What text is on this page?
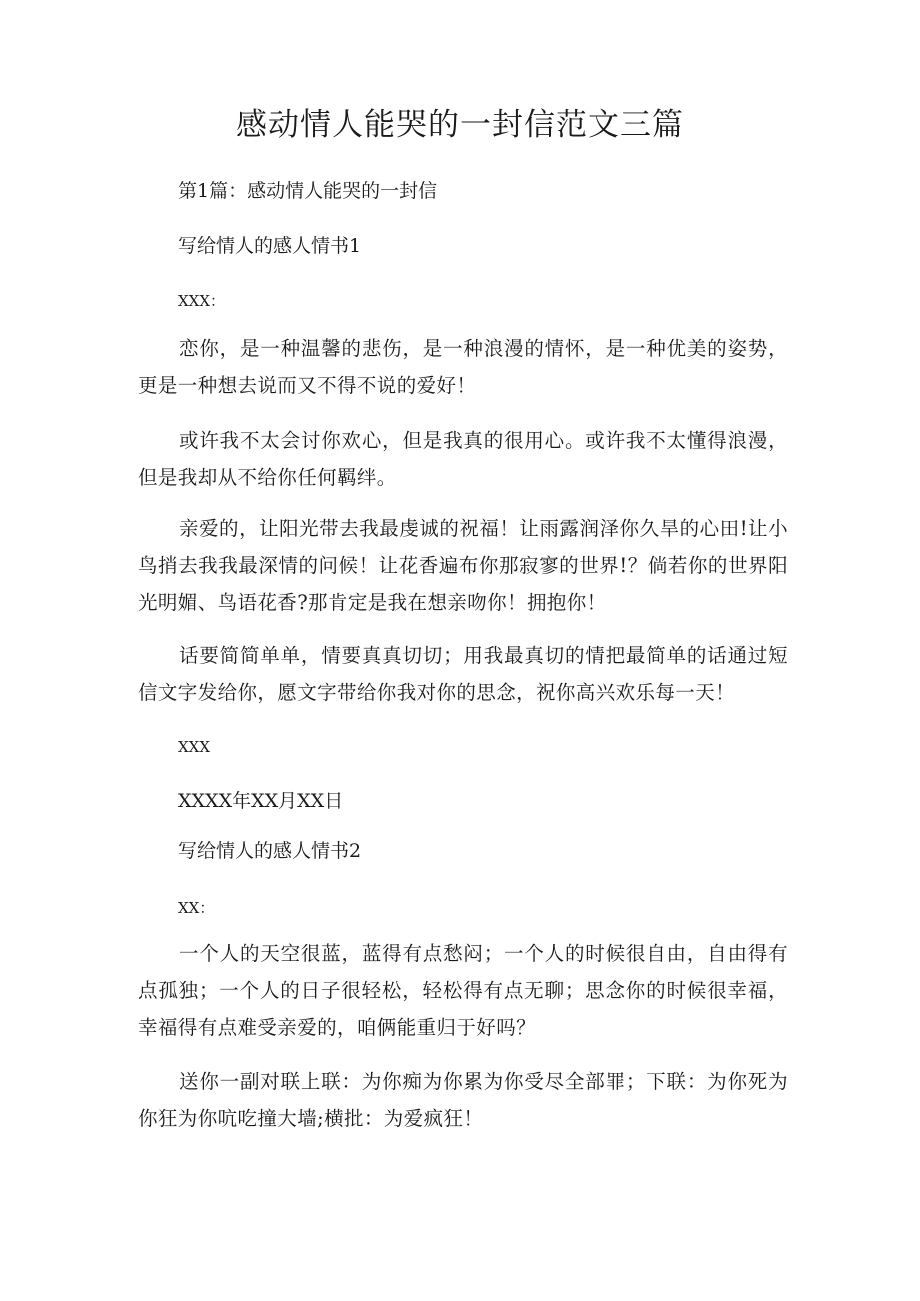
感动情人能哭的一封信范文三篇

第1篇：感动情人能哭的一封信

写给情人的感人情书1

XXX：

恋你，是一种温馨的悲伤，是一种浪漫的情怀，是一种优美的姿势，更是一种想去说而又不得不说的爱好！

或许我不太会讨你欢心，但是我真的很用心。或许我不太懂得浪漫，但是我却从不给你任何羁绊。

亲爱的，让阳光带去我最虔诚的祝福！让雨露润泽你久旱的心田!让小鸟捎去我我最深情的问候！让花香遍布你那寂寥的世界!？倘若你的世界阳光明媚、鸟语花香?那肯定是我在想亲吻你！拥抱你！

话要简简单单，情要真真切切；用我最真切的情把最简单的话通过短信文字发给你，愿文字带给你我对你的思念，祝你高兴欢乐每一天！

XXX

XXXX年XX月XX日

写给情人的感人情书2

XX：

一个人的天空很蓝，蓝得有点愁闷；一个人的时候很自由，自由得有点孤独；一个人的日子很轻松，轻松得有点无聊；思念你的时候很幸福，幸福得有点难受亲爱的，咱俩能重归于好吗？

送你一副对联上联：为你痴为你累为你受尽全部罪；下联：为你死为你狂为你吭吃撞大墙;横批：为爱疯狂！
